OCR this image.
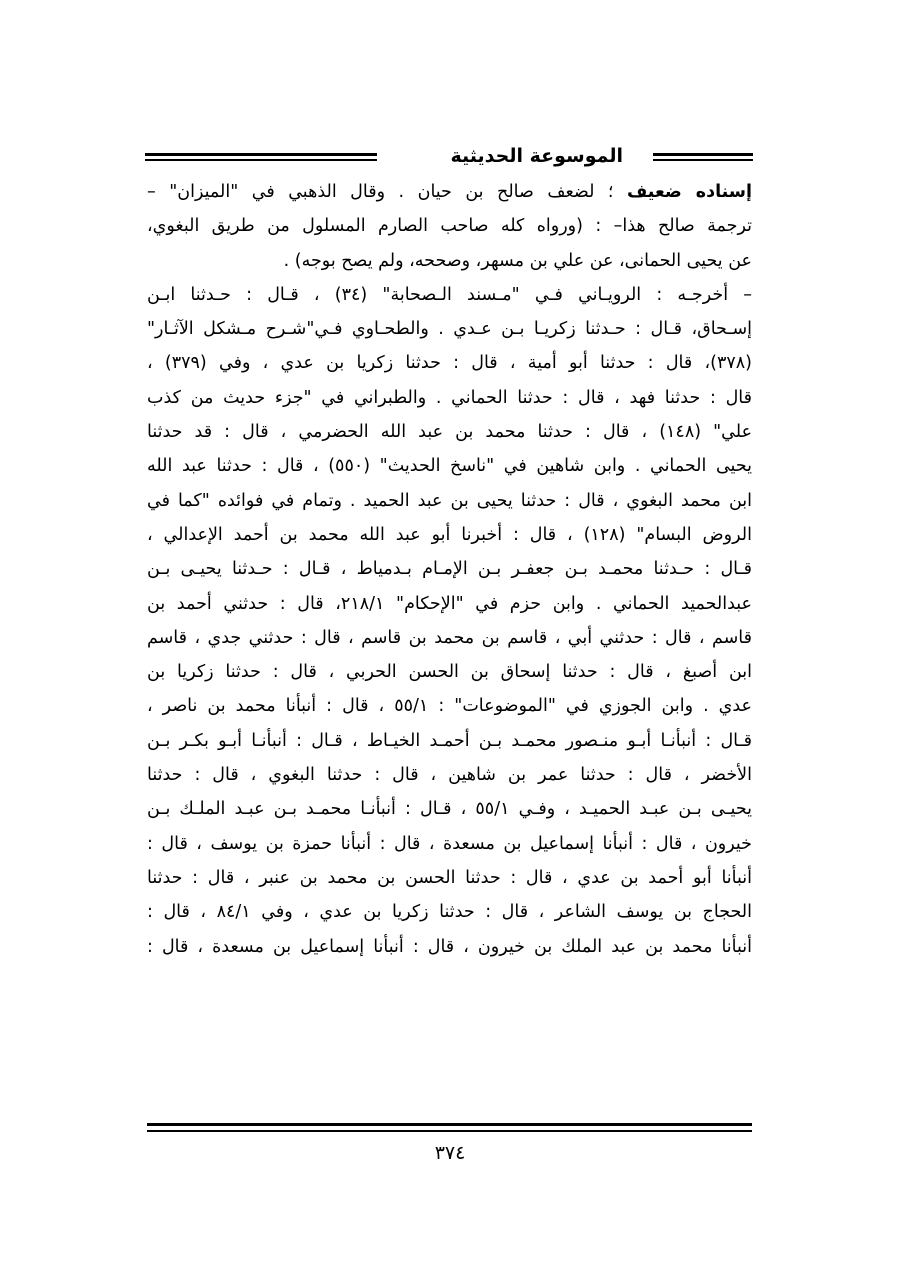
الموسوعة الحديثية
إسناده ضعيف ؛ لضعف صالح بن حيان . وقال الذهبي في "الميزان" –
ترجمة صالح هذا– : (ورواه كله صاحب الصارم المسلول من طريق البغوي،
عن يحيى الحمانى، عن علي بن مسهر، وصححه، ولم يصح بوجه) .
– أخرجـه : الرويـاني فـي "مـسند الـصحابة" (٣٤) ، قـال : حـدثنا ابـن
إسـحاق، قـال : حـدثنا زكريـا بـن عـدي . والطحـاوي فـي"شـرح مـشكل الآثـار"
(٣٧٨)، قال : حدثنا أبو أمية ، قال : حدثنا زكريا بن عدي ، وفي (٣٧٩) ،
قال : حدثنا فهد ، قال : حدثنا الحماني . والطبراني في "جزء حديث من كذب
علي" (١٤٨) ، قال : حدثنا محمد بن عبد الله الحضرمي ، قال : قد حدثنا
يحيى الحماني . وابن شاهين في "ناسخ الحديث" (٥٥٠) ، قال : حدثنا عبد الله
ابن محمد البغوي ، قال : حدثنا يحيى بن عبد الحميد . وتمام في فوائده "كما في
الروض البسام" (١٢٨) ، قال : أخبرنا أبو عبد الله محمد بن أحمد الإعدالي ،
قـال : حـدثنا محمـد بـن جعفـر بـن الإمـام بـدمياط ، قـال : حـدثنا يحيـى بـن
عبدالحميد الحماني . وابن حزم في "الإحكام" ٢١٨/١، قال : حدثني أحمد بن
قاسم ، قال : حدثني أبي ، قاسم بن محمد بن قاسم ، قال : حدثني جدي ، قاسم
ابن أصبغ ، قال : حدثنا إسحاق بن الحسن الحربي ، قال : حدثنا زكريا بن
عدي . وابن الجوزي في "الموضوعات" : ٥٥/١ ، قال : أنبأنا محمد بن ناصر ،
قـال : أنبأنـا أبـو منـصور محمـد بـن أحمـد الخيـاط ، قـال : أنبأنـا أبـو بكـر بـن
الأخضر ، قال : حدثنا عمر بن شاهين ، قال : حدثنا البغوي ، قال : حدثنا
يحيـى بـن عبـد الحميـد ، وفـي ٥٥/١ ، قـال : أنبأنـا محمـد بـن عبـد الملـك بـن
خيرون ، قال : أنبأنا إسماعيل بن مسعدة ، قال : أنبأنا حمزة بن يوسف ، قال :
أنبأنا أبو أحمد بن عدي ، قال : حدثنا الحسن بن محمد بن عنبر ، قال : حدثنا
الحجاج بن يوسف الشاعر ، قال : حدثنا زكريا بن عدي ، وفي ٨٤/١ ، قال :
أنبأنا محمد بن عبد الملك بن خيرون ، قال : أنبأنا إسماعيل بن مسعدة ، قال :
٣٧٤
